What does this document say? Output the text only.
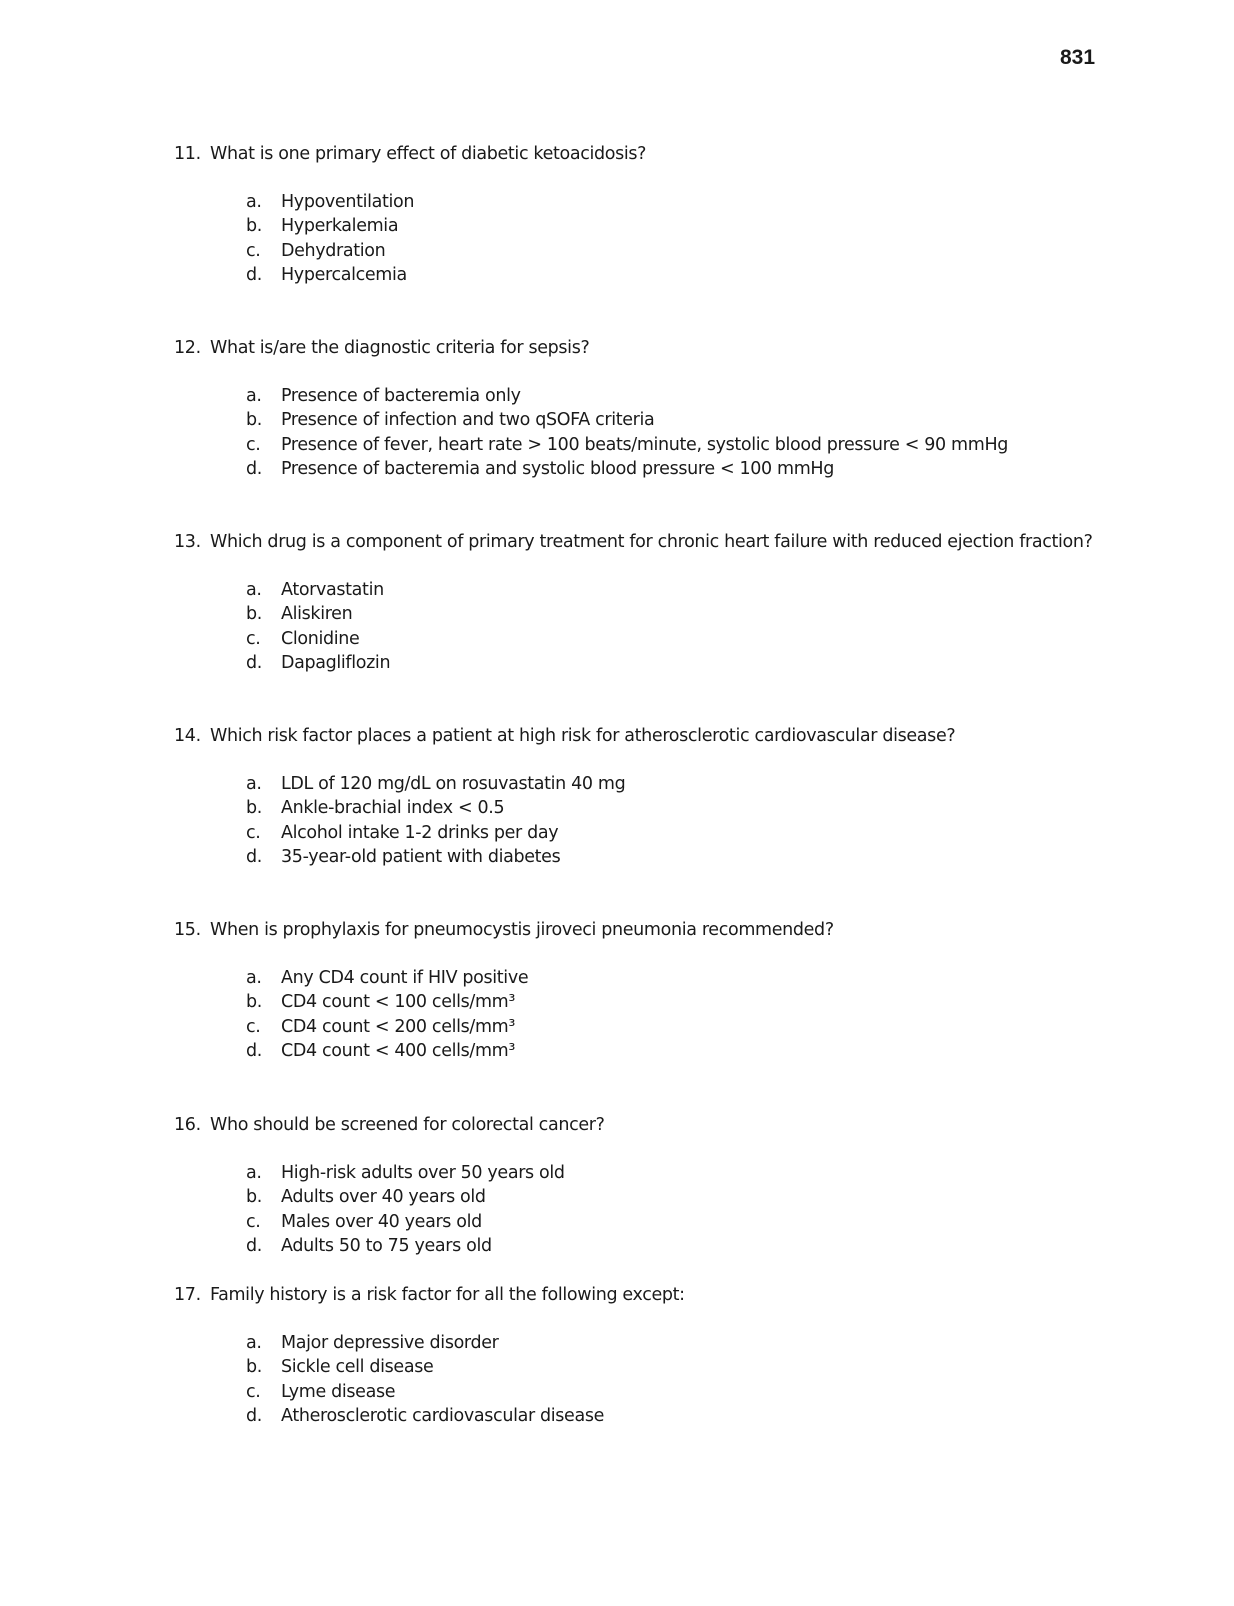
831
11. What is one primary effect of diabetic ketoacidosis?
a. Hypoventilation
b. Hyperkalemia
c. Dehydration
d. Hypercalcemia
12. What is/are the diagnostic criteria for sepsis?
a. Presence of bacteremia only
b. Presence of infection and two qSOFA criteria
c. Presence of fever, heart rate > 100 beats/minute, systolic blood pressure < 90 mmHg
d. Presence of bacteremia and systolic blood pressure < 100 mmHg
13. Which drug is a component of primary treatment for chronic heart failure with reduced ejection fraction?
a. Atorvastatin
b. Aliskiren
c. Clonidine
d. Dapagliflozin
14. Which risk factor places a patient at high risk for atherosclerotic cardiovascular disease?
a. LDL of 120 mg/dL on rosuvastatin 40 mg
b. Ankle-brachial index < 0.5
c. Alcohol intake 1-2 drinks per day
d. 35-year-old patient with diabetes
15. When is prophylaxis for pneumocystis jiroveci pneumonia recommended?
a. Any CD4 count if HIV positive
b. CD4 count < 100 cells/mm³
c. CD4 count < 200 cells/mm³
d. CD4 count < 400 cells/mm³
16. Who should be screened for colorectal cancer?
a. High-risk adults over 50 years old
b. Adults over 40 years old
c. Males over 40 years old
d. Adults 50 to 75 years old
17. Family history is a risk factor for all the following except:
a. Major depressive disorder
b. Sickle cell disease
c. Lyme disease
d. Atherosclerotic cardiovascular disease
